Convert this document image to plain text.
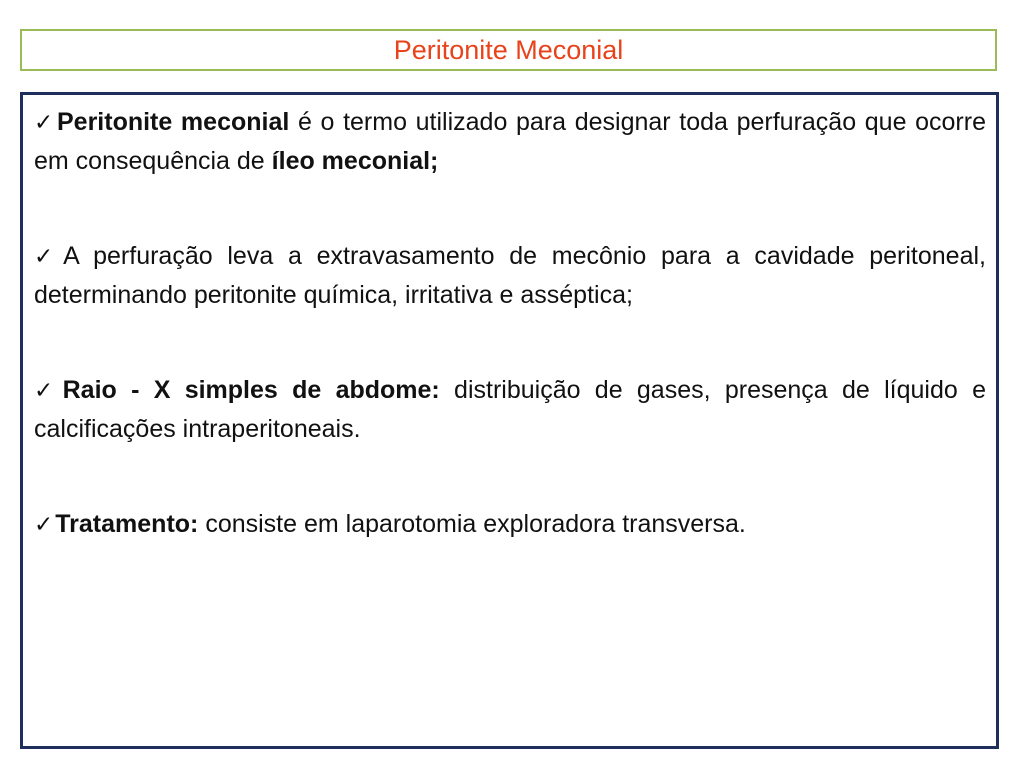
Peritonite Meconial
✓Peritonite meconial é o termo utilizado para designar toda perfuração que ocorre em consequência de íleo meconial;
✓A perfuração leva a extravasamento de mecônio para a cavidade peritoneal, determinando peritonite química, irritativa e asséptica;
✓Raio - X simples de abdome: distribuição de gases, presença de líquido e calcificações intraperitoneais.
✓Tratamento: consiste em laparotomia exploradora transversa.
